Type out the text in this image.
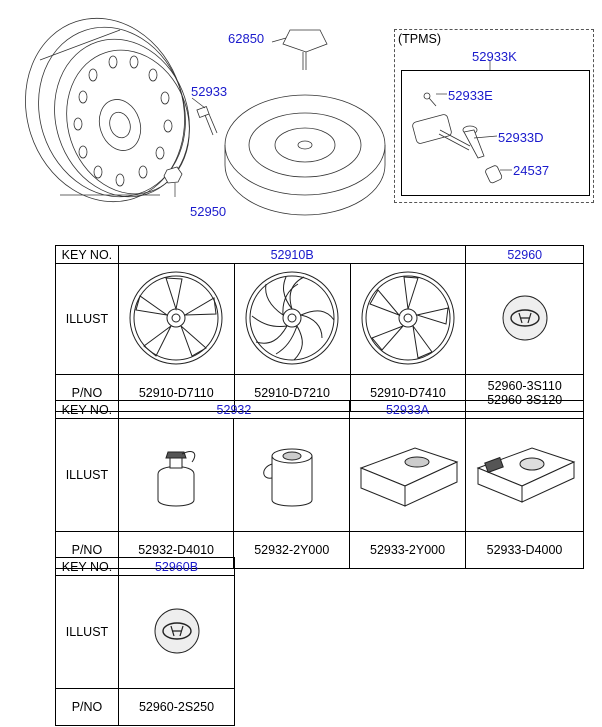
(TPMS)
62850
52933
52950
52933K
52933E
52933D
24537
KEY NO.	52910B			52960
ILLUST				
P/NO	52910-D7110	52910-D7210	52910-D7410	52960-3S110
52960-3S120
KEY NO.	52932		52933A	
ILLUST				
P/NO	52932-D4010	52932-2Y000	52933-2Y000	52933-D4000
KEY NO.	52960B
ILLUST	
P/NO	52960-2S250
